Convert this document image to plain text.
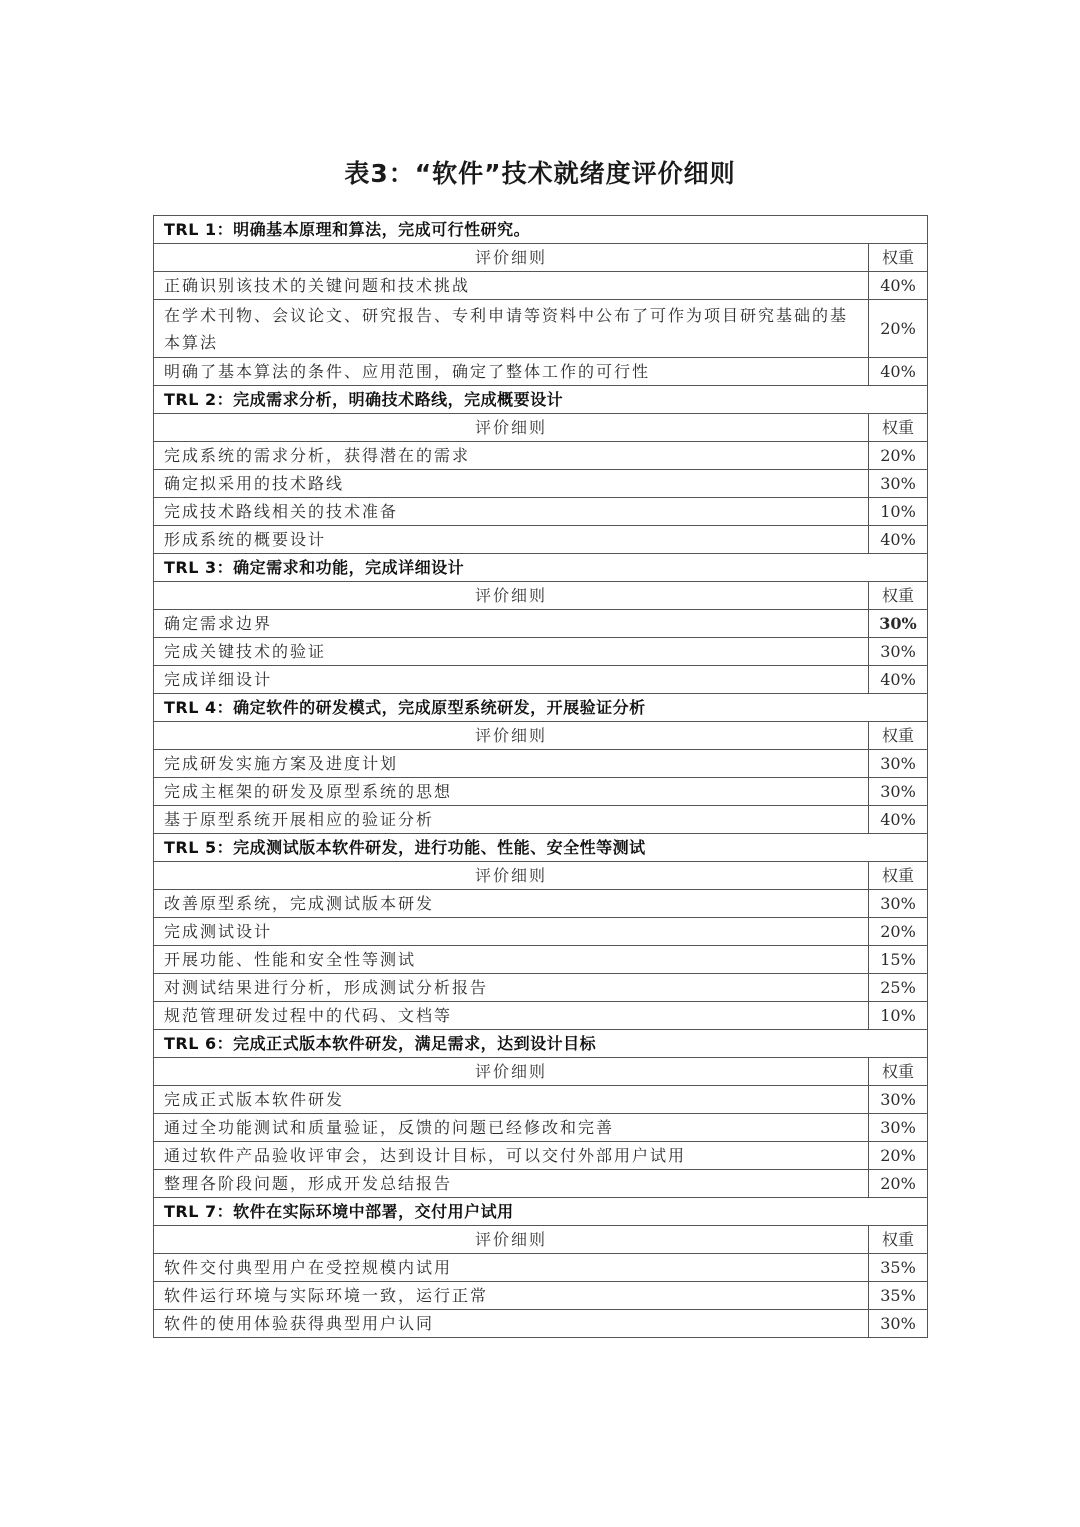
表3：“软件”技术就绪度评价细则
TRL 1：明确基本原理和算法，完成可行性研究。	
评价细则	权重
正确识别该技术的关键问题和技术挑战	40%
在学术刊物、会议论文、研究报告、专利申请等资料中公布了可作为项目研究基础的基本算法	20%
明确了基本算法的条件、应用范围，确定了整体工作的可行性	40%
TRL 2：完成需求分析，明确技术路线，完成概要设计	
评价细则	权重
完成系统的需求分析，获得潜在的需求	20%
确定拟采用的技术路线	30%
完成技术路线相关的技术准备	10%
形成系统的概要设计	40%
TRL 3：确定需求和功能，完成详细设计	
评价细则	权重
确定需求边界	30%
完成关键技术的验证	30%
完成详细设计	40%
TRL 4：确定软件的研发模式，完成原型系统研发，开展验证分析	
评价细则	权重
完成研发实施方案及进度计划	30%
完成主框架的研发及原型系统的思想	30%
基于原型系统开展相应的验证分析	40%
TRL 5：完成测试版本软件研发，进行功能、性能、安全性等测试	
评价细则	权重
改善原型系统，完成测试版本研发	30%
完成测试设计	20%
开展功能、性能和安全性等测试	15%
对测试结果进行分析，形成测试分析报告	25%
规范管理研发过程中的代码、文档等	10%
TRL 6：完成正式版本软件研发，满足需求，达到设计目标	
评价细则	权重
完成正式版本软件研发	30%
通过全功能测试和质量验证，反馈的问题已经修改和完善	30%
通过软件产品验收评审会，达到设计目标，可以交付外部用户试用	20%
整理各阶段问题，形成开发总结报告	20%
TRL 7：软件在实际环境中部署，交付用户试用	
评价细则	权重
软件交付典型用户在受控规模内试用	35%
软件运行环境与实际环境一致，运行正常	35%
软件的使用体验获得典型用户认同	30%
